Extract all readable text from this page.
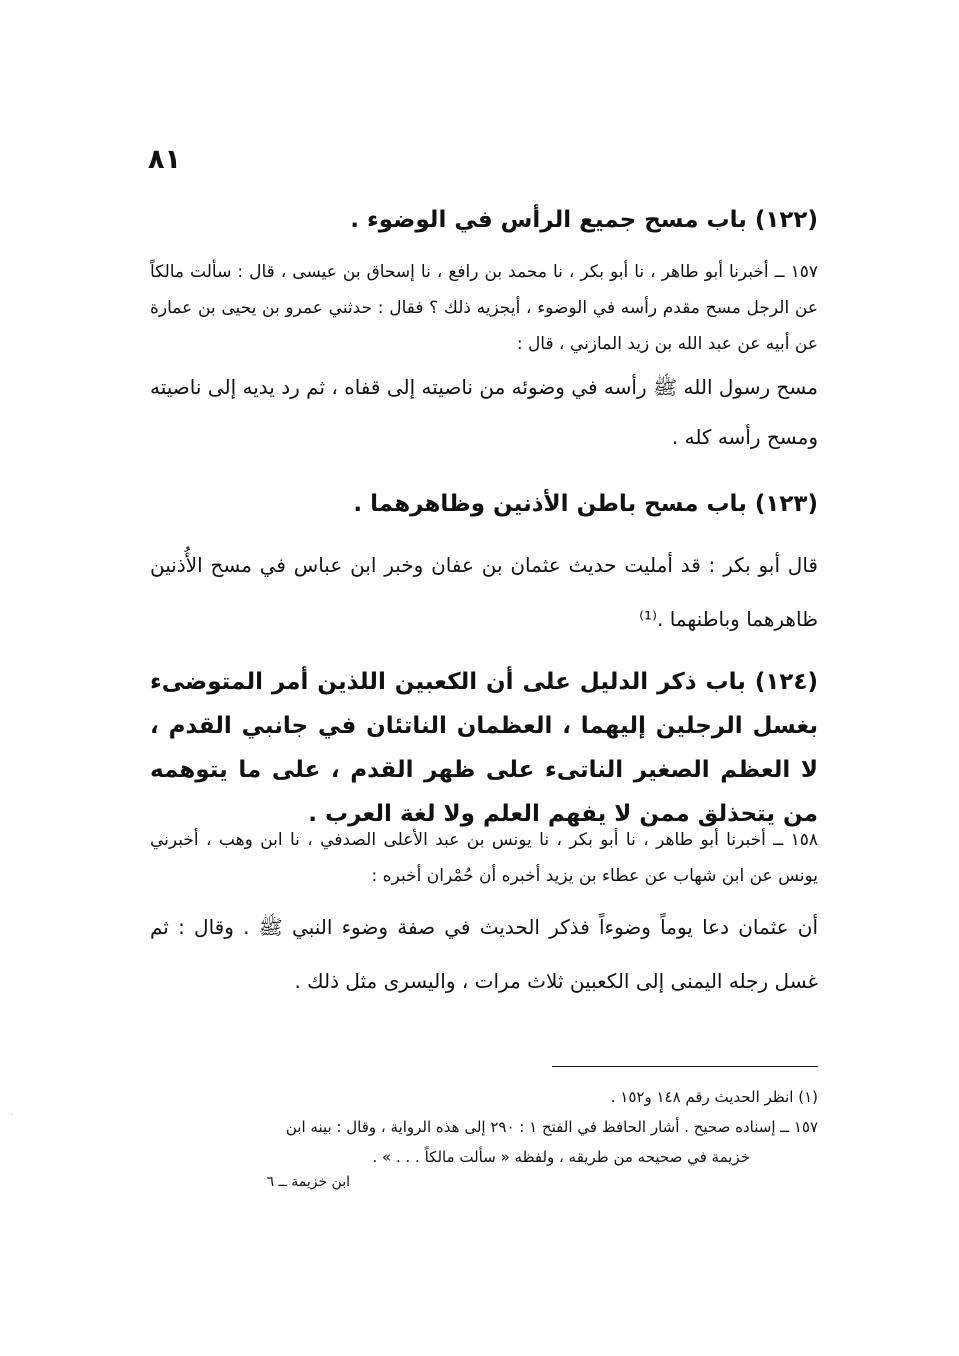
٨١
(١٢٢) باب مسح جميع الرأس في الوضوء .
١٥٧ ــ أخبرنا أبو طاهر ، نا أبو بكر ، نا محمد بن رافع ، نا إسحاق بن عيسى ، قال : سألت مالكاً عن الرجل مسح مقدم رأسه في الوضوء ، أيجزيه ذلك ؟ فقال : حدثني عمرو بن يحيى بن عمارة عن أبيه عن عبد الله بن زيد المازني ، قال :
مسح رسول الله ﷺ رأسه في وضوئه من ناصيته إلى قفاه ، ثم رد يديه إلى ناصيته ومسح رأسه كله .
(١٢٣) باب مسح باطن الأذنين وظاهرهما .
قال أبو بكر : قد أمليت حديث عثمان بن عفان وخبر ابن عباس في مسح الأُذنين ظاهرهما وباطنهما .⁽¹⁾
(١٢٤) باب ذكر الدليل على أن الكعبين اللذين أمر المتوضىء بغسل الرجلين إليهما ، العظمان الناتئان في جانبي القدم ، لا العظم الصغير الناتىء على ظهر القدم ، على ما يتوهمه من يتحذلق ممن لا يفهم العلم ولا لغة العرب .
١٥٨ ــ أخبرنا أبو طاهر ، نا أبو بكر ، نا يونس بن عبد الأعلى الصدفي ، نا ابن وهب ، أخبرني يونس عن ابن شهاب عن عطاء بن يزيد أخبره أن حُمْران أخبره :
أن عثمان دعا يوماً وضوءاً فذكر الحديث في صفة وضوء النبي ﷺ . وقال : ثم غسل رجله اليمنى إلى الكعبين ثلاث مرات ، واليسرى مثل ذلك .
(١) انظر الحديث رقم ١٤٨ و١٥٢ .
١٥٧ ــ إسناده صحيح . أشار الحافظ في الفتح ١ : ٢٩٠ إلى هذه الرواية ، وقال : بينه ابن
خزيمة في صحيحه من طريقه ، ولفظه « سألت مالكاً . . . » .
ابن خزيمة ــ ٦
·
